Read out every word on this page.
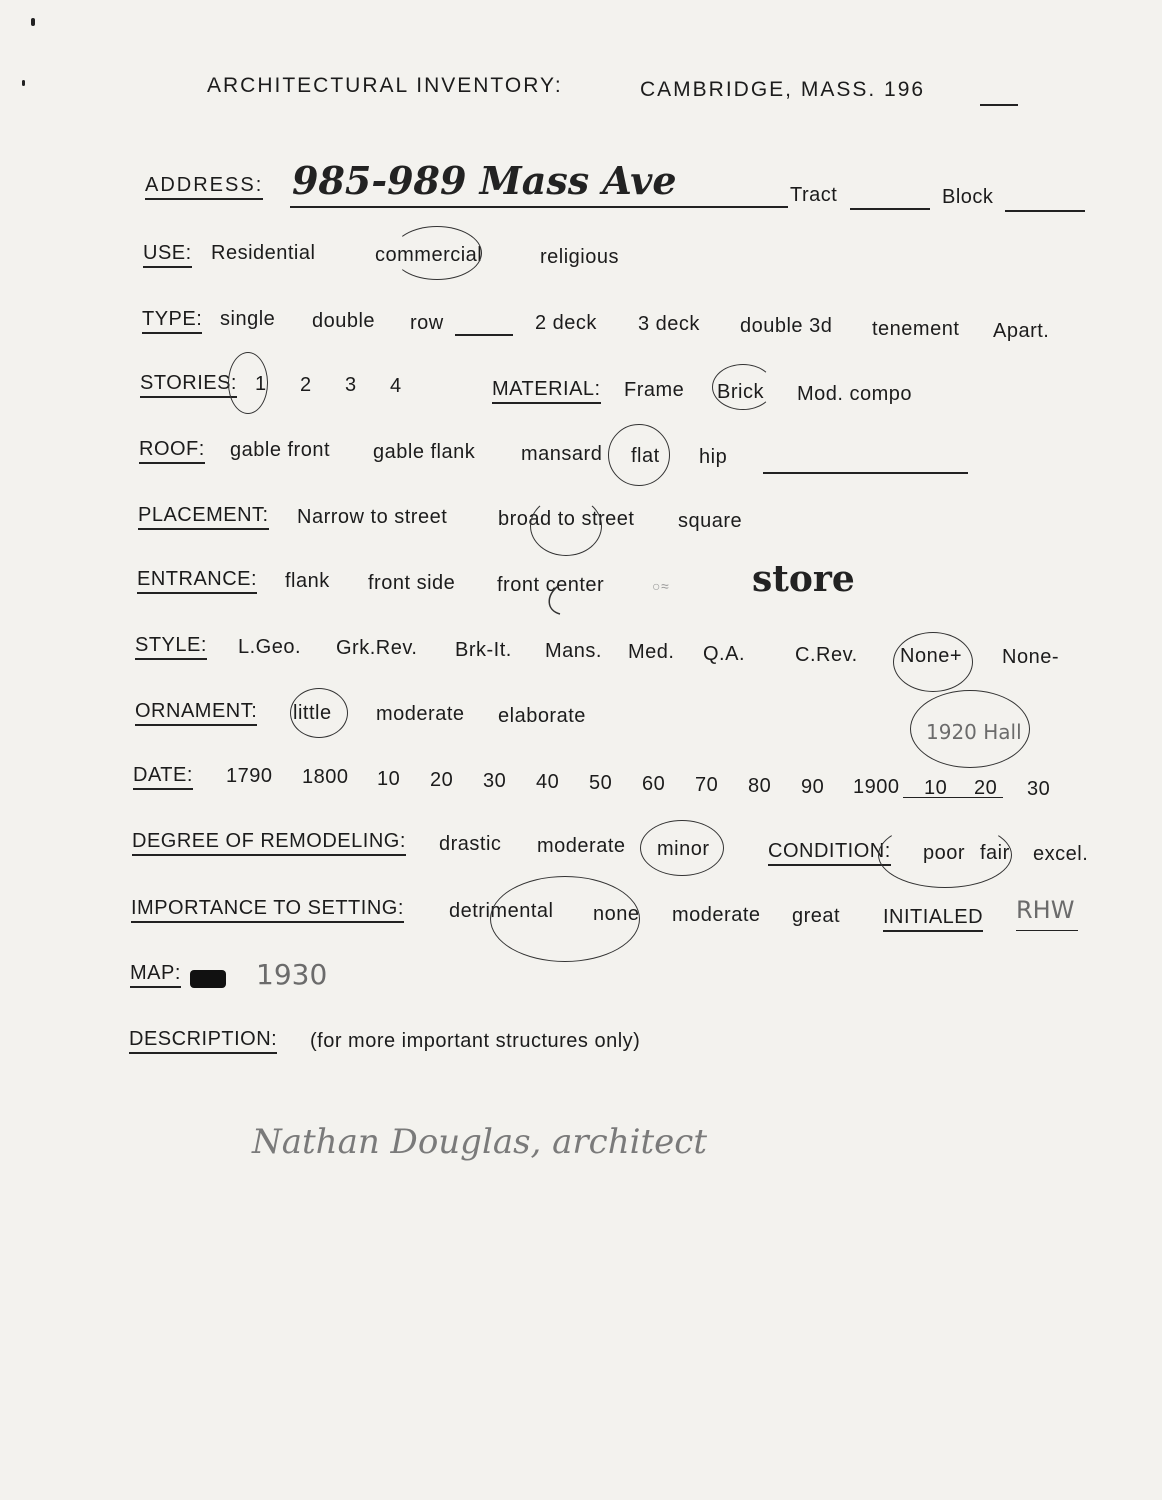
ARCHITECTURAL INVENTORY:	CAMBRIDGE, MASS. 196
ADDRESS: 985-989 Mass Ave	Tract	Block
USE: Residential	commercial	religious
TYPE: single double row	2 deck 3 deck double 3d tenement Apart.
STORIES: 1 2 3 4	MATERIAL: Frame Brick Mod. compo
ROOF: gable front gable flank mansard flat hip
PLACEMENT: Narrow to street	broad to street square
ENTRANCE: flank front side front center	○≈ store
STYLE: L.Geo. Grk.Rev. Brk-It. Mans. Med. Q.A. C.Rev. None+ None-
ORNAMENT: little moderate elaborate
DATE: 1790 1800 10 20 30 40 50 60 70 80 90 1900 10 20 30
1920 Hall
DEGREE OF REMODELING: drastic moderate minor	CONDITION: poor fair excel.
IMPORTANCE TO SETTING: detrimental none moderate great INITIALED RHW
MAP:	1930
DESCRIPTION: (for more important structures only)
Nathan Douglas, architect
